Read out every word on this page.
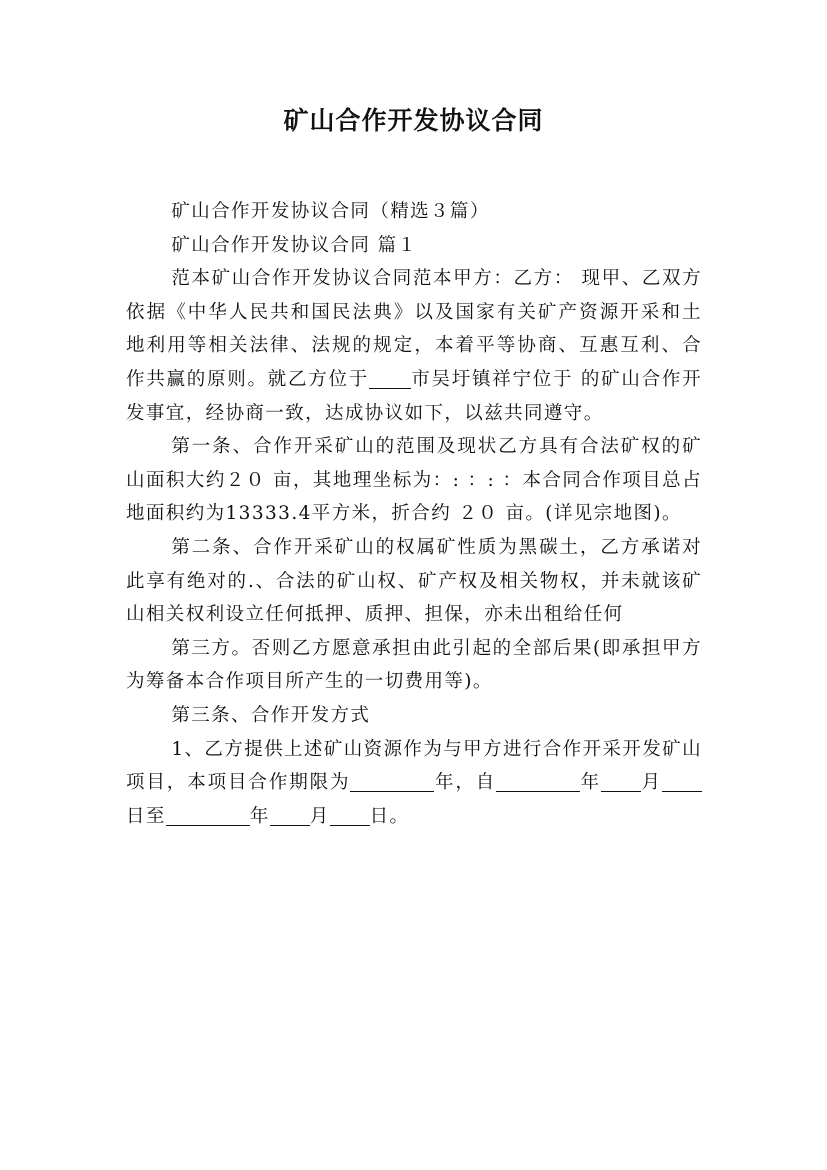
矿山合作开发协议合同

矿山合作开发协议合同（精选３篇）

矿山合作开发协议合同 篇１

范本矿山合作开发协议合同范本甲方：乙方： 现甲、乙双方依据《中华人民共和国民法典》以及国家有关矿产资源开采和土地利用等相关法律、法规的规定，本着平等协商、互惠互利、合作共赢的原则。就乙方位于 市吴圩镇祥宁位于 的矿山合作开发事宜，经协商一致，达成协议如下，以兹共同遵守。

第一条、合作开采矿山的范围及现状乙方具有合法矿权的矿山面积大约２０ 亩，其地理坐标为：: ：: ：本合同合作项目总占地面积约为13333.4平方米，折合约 ２０ 亩。(详见宗地图)。

第二条、合作开采矿山的权属矿性质为黑碳土，乙方承诺对此享有绝对的.、合法的矿山权、矿产权及相关物权，并未就该矿山相关权利设立任何抵押、质押、担保，亦未出租给任何

第三方。否则乙方愿意承担由此引起的全部后果(即承担甲方为筹备本合作项目所产生的一切费用等)。

第三条、合作开发方式

1、乙方提供上述矿山资源作为与甲方进行合作开采开发矿山项目，本项目合作期限为	年，自	年 月日至	年 月 日。
